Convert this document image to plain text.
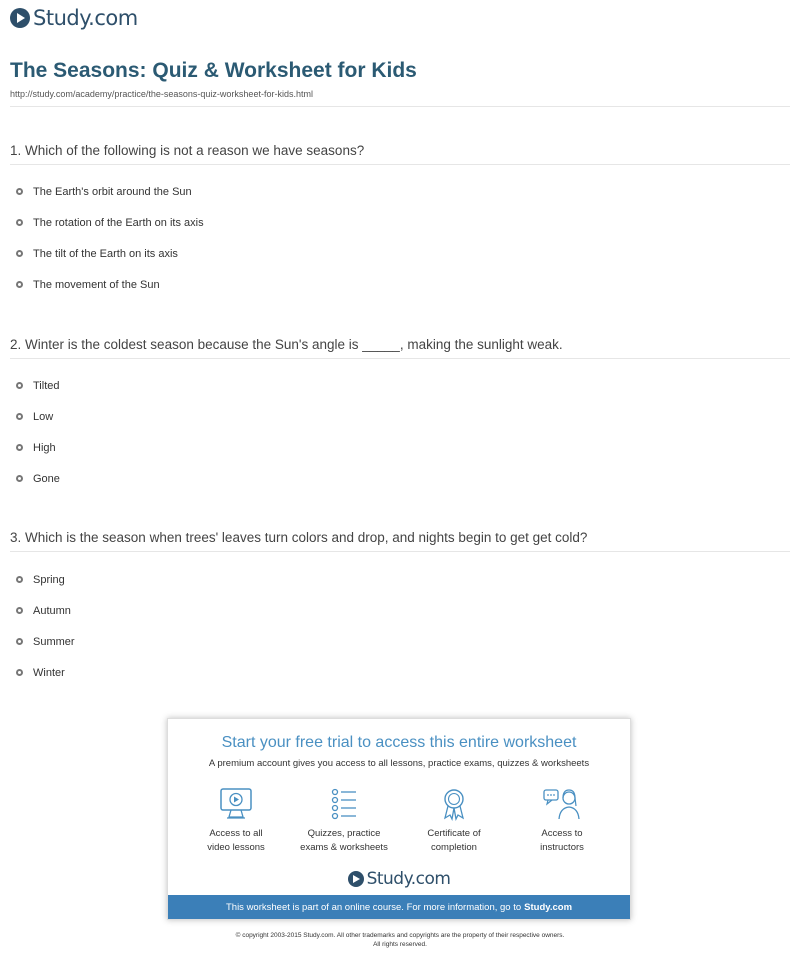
Study.com
The Seasons: Quiz & Worksheet for Kids
http://study.com/academy/practice/the-seasons-quiz-worksheet-for-kids.html
1. Which of the following is not a reason we have seasons?
The Earth's orbit around the Sun
The rotation of the Earth on its axis
The tilt of the Earth on its axis
The movement of the Sun
2. Winter is the coldest season because the Sun's angle is _____, making the sunlight weak.
Tilted
Low
High
Gone
3. Which is the season when trees' leaves turn colors and drop, and nights begin to get get cold?
Spring
Autumn
Summer
Winter
Start your free trial to access this entire worksheet
A premium account gives you access to all lessons, practice exams, quizzes & worksheets
Access to all
video lessons
Quizzes, practice
exams & worksheets
Certificate of
completion
Access to
instructors
Study.com
This worksheet is part of an online course. For more information, go to Study.com
© copyright 2003-2015 Study.com. All other trademarks and copyrights are the property of their respective owners.
All rights reserved.
